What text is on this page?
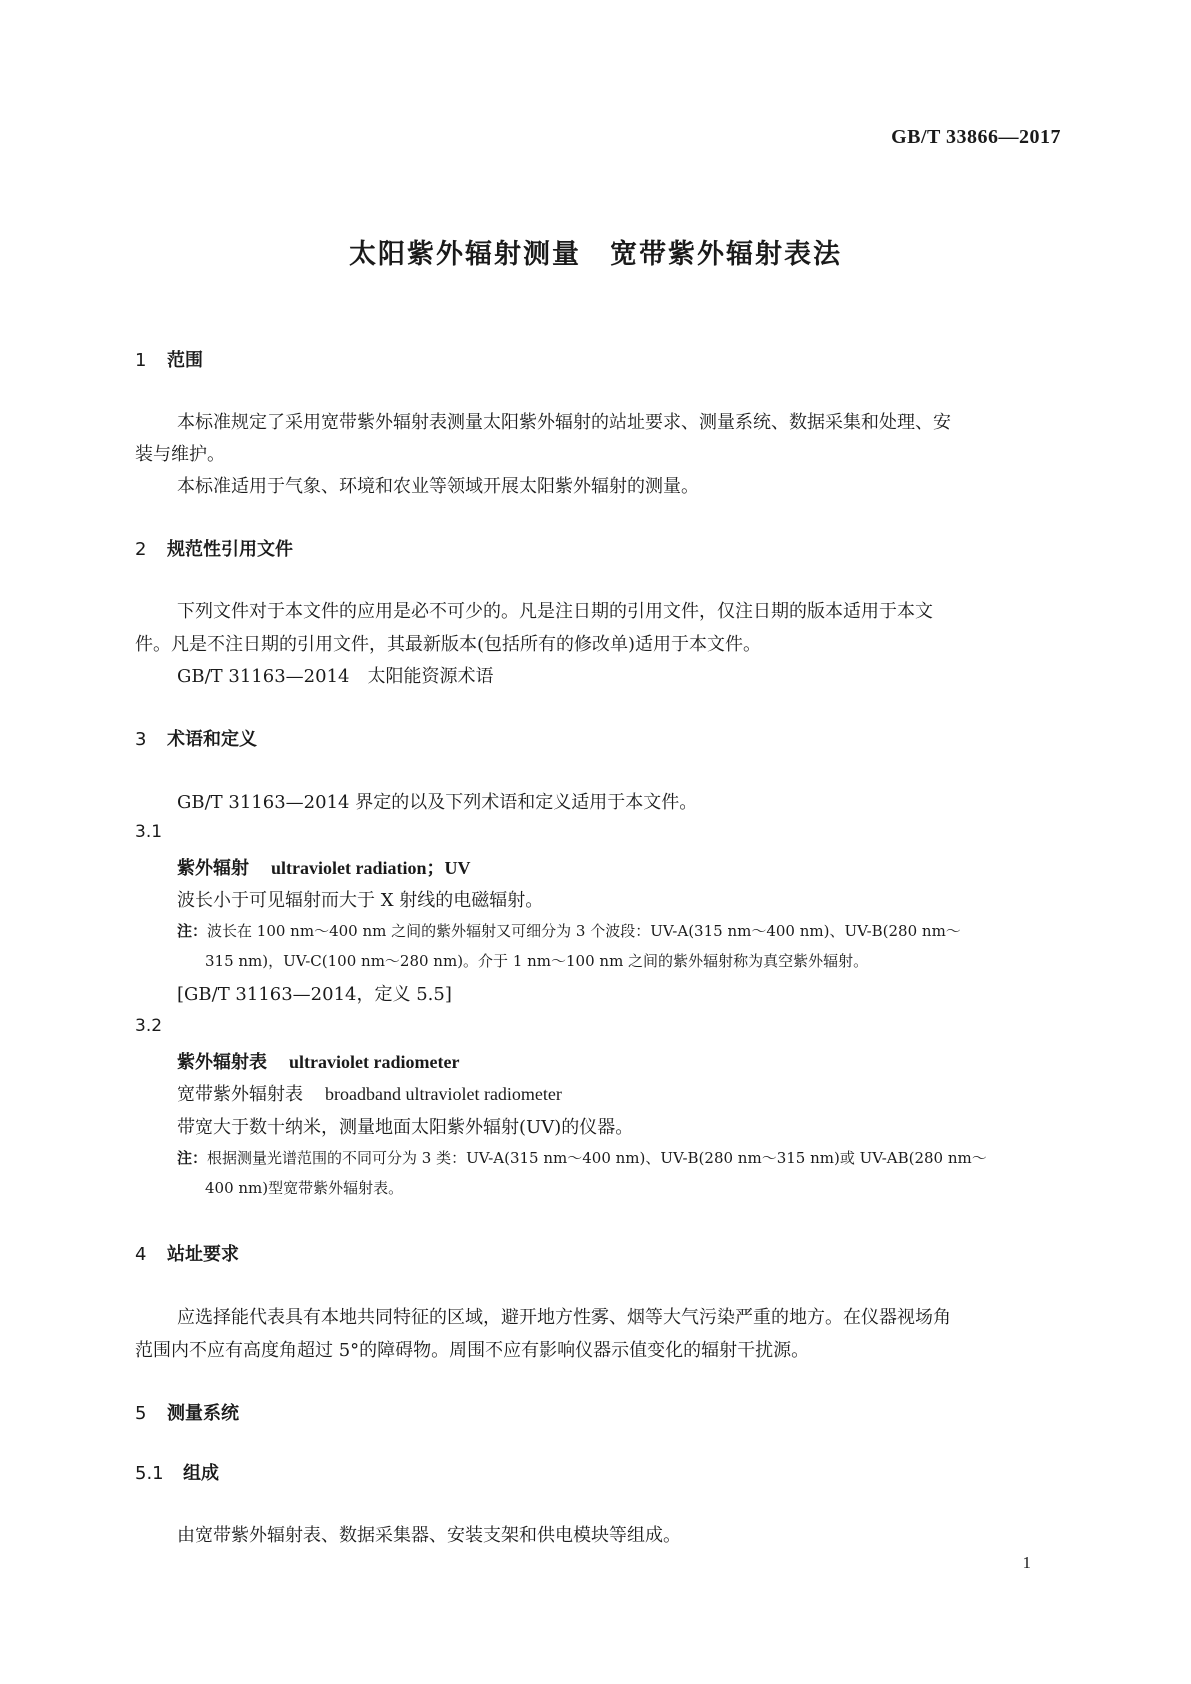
GB/T 33866—2017
太阳紫外辐射测量　宽带紫外辐射表法
1 范围
本标准规定了采用宽带紫外辐射表测量太阳紫外辐射的站址要求、测量系统、数据采集和处理、安
装与维护。
本标准适用于气象、环境和农业等领域开展太阳紫外辐射的测量。
2 规范性引用文件
下列文件对于本文件的应用是必不可少的。凡是注日期的引用文件，仅注日期的版本适用于本文
件。凡是不注日期的引用文件，其最新版本(包括所有的修改单)适用于本文件。
GB/T 31163—2014　太阳能资源术语
3 术语和定义
GB/T 31163—2014 界定的以及下列术语和定义适用于本文件。
3.1
紫外辐射 ultraviolet radiation；UV
波长小于可见辐射而大于 X 射线的电磁辐射。
注：波长在 100 nm～400 nm 之间的紫外辐射又可细分为 3 个波段：UV-A(315 nm～400 nm)、UV-B(280 nm～
315 nm)，UV-C(100 nm～280 nm)。介于 1 nm～100 nm 之间的紫外辐射称为真空紫外辐射。
[GB/T 31163—2014，定义 5.5]
3.2
紫外辐射表 ultraviolet radiometer
宽带紫外辐射表 broadband ultraviolet radiometer
带宽大于数十纳米，测量地面太阳紫外辐射(UV)的仪器。
注：根据测量光谱范围的不同可分为 3 类：UV-A(315 nm～400 nm)、UV-B(280 nm～315 nm)或 UV-AB(280 nm～
400 nm)型宽带紫外辐射表。
4 站址要求
应选择能代表具有本地共同特征的区域，避开地方性雾、烟等大气污染严重的地方。在仪器视场角
范围内不应有高度角超过 5°的障碍物。周围不应有影响仪器示值变化的辐射干扰源。
5 测量系统
5.1 组成
由宽带紫外辐射表、数据采集器、安装支架和供电模块等组成。
1
